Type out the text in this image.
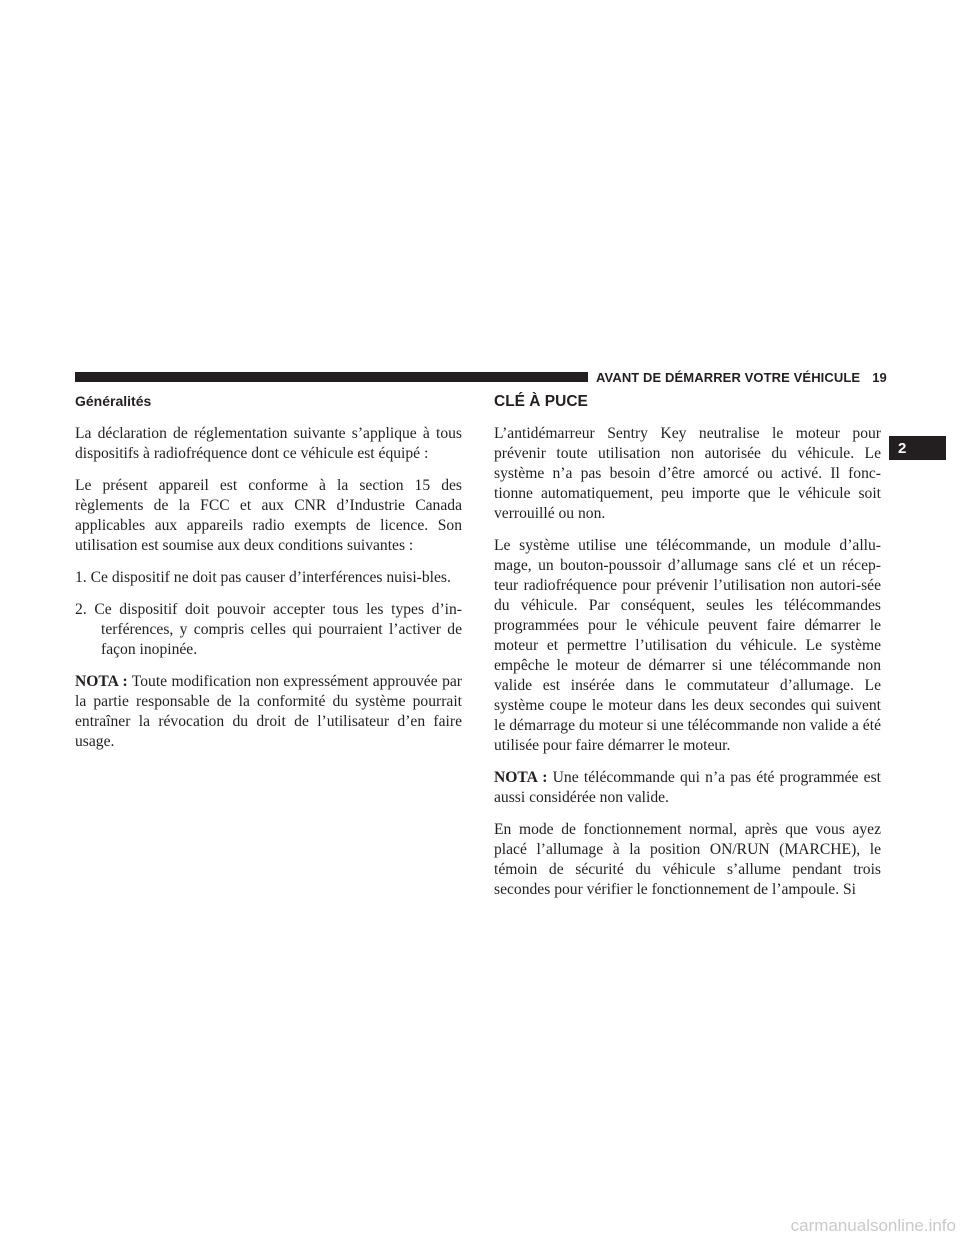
AVANT DE DÉMARRER VOTRE VÉHICULE 19
2
Généralités

La déclaration de réglementation suivante s’applique à tous dispositifs à radiofréquence dont ce véhicule est équipé :

Le présent appareil est conforme à la section 15 des règlements de la FCC et aux CNR d’Industrie Canada applicables aux appareils radio exempts de licence. Son utilisation est soumise aux deux conditions suivantes :

1. Ce dispositif ne doit pas causer d’interférences nuisi-bles.
2. Ce dispositif doit pouvoir accepter tous les types d’in-terférences, y compris celles qui pourraient l’activer de façon inopinée.

NOTA : Toute modification non expressément approuvée par la partie responsable de la conformité du système pourrait entraîner la révocation du droit de l’utilisateur d’en faire usage.

CLÉ À PUCE

L’antidémarreur Sentry Key neutralise le moteur pour prévenir toute utilisation non autorisée du véhicule. Le système n’a pas besoin d’être amorcé ou activé. Il fonc-tionne automatiquement, peu importe que le véhicule soit verrouillé ou non.

Le système utilise une télécommande, un module d’allu-mage, un bouton-poussoir d’allumage sans clé et un récep-teur radiofréquence pour prévenir l’utilisation non autori-sée du véhicule. Par conséquent, seules les télécommandes programmées pour le véhicule peuvent faire démarrer le moteur et permettre l’utilisation du véhicule. Le système empêche le moteur de démarrer si une télécommande non valide est insérée dans le commutateur d’allumage. Le système coupe le moteur dans les deux secondes qui suivent le démarrage du moteur si une télécommande non valide a été utilisée pour faire démarrer le moteur.

NOTA : Une télécommande qui n’a pas été programmée est aussi considérée non valide.

En mode de fonctionnement normal, après que vous ayez placé l’allumage à la position ON/RUN (MARCHE), le témoin de sécurité du véhicule s’allume pendant trois secondes pour vérifier le fonctionnement de l’ampoule. Si

carmanualsonline.info
